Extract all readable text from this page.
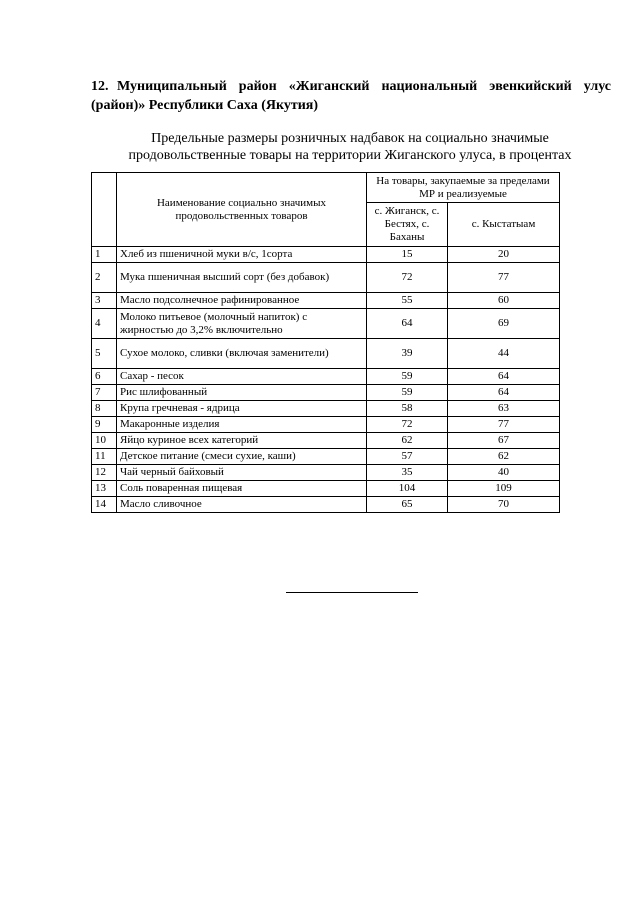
12. Муниципальный район «Жиганский национальный эвенкийский улус (район)» Республики Саха (Якутия)
Предельные размеры розничных надбавок на социально значимые
продовольственные товары на территории Жиганского улуса, в процентах
	Наименование социально значимых продовольственных товаров	На товары, закупаемые за пределами МР и реализуемые	
		с. Жиганск, с. Бестях, с. Баханы	с. Кыстатыам
1	Хлеб из пшеничной муки в/с, 1сорта	15	20
2	Мука пшеничная высший сорт (без добавок)	72	77
3	Масло подсолнечное рафинированное	55	60
4	Молоко питьевое (молочный напиток) с жирностью до 3,2% включительно	64	69
5	Сухое молоко, сливки (включая заменители)	39	44
6	Сахар - песок	59	64
7	Рис шлифованный	59	64
8	Крупа гречневая - ядрица	58	63
9	Макаронные изделия	72	77
10	Яйцо куриное всех категорий	62	67
11	Детское питание (смеси сухие, каши)	57	62
12	Чай черный байховый	35	40
13	Соль поваренная пищевая	104	109
14	Масло сливочное	65	70
